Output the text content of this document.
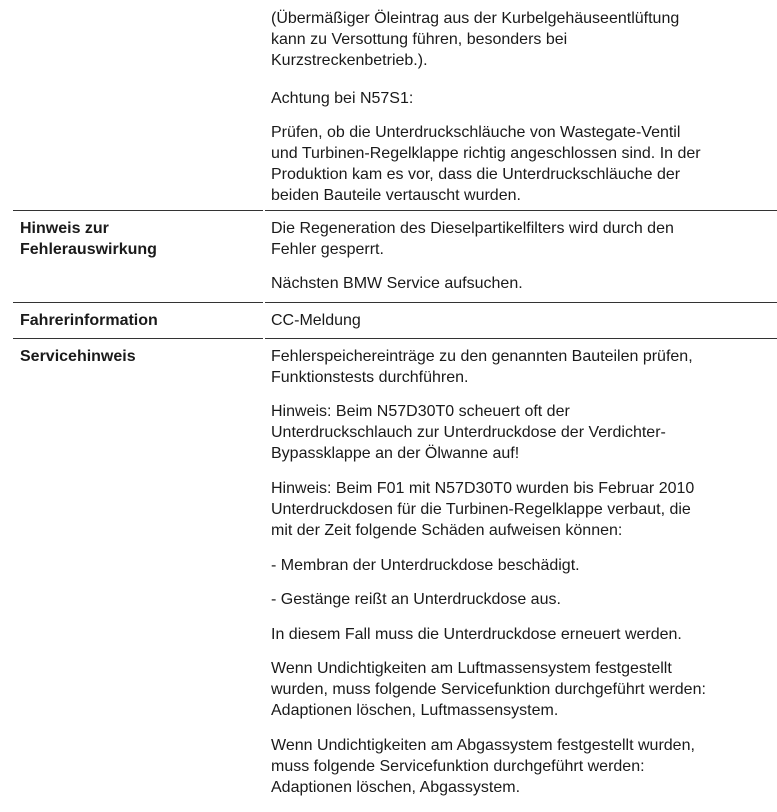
(Übermäßiger Öleintrag aus der Kurbelgehäuseentlüftung
kann zu Versottung führen, besonders bei
Kurzstreckenbetrieb.).

Achtung bei N57S1:

Prüfen, ob die Unterdruckschläuche von Wastegate-Ventil
und Turbinen-Regelklappe richtig angeschlossen sind. In der
Produktion kam es vor, dass die Unterdruckschläuche der
beiden Bauteile vertauscht wurden.

Hinweis zur
Fehlerauswirkung

Die Regeneration des Dieselpartikelfilters wird durch den
Fehler gesperrt.

Nächsten BMW Service aufsuchen.

Fahrerinformation	CC-Meldung

Servicehinweis	Fehlerspeichereinträge zu den genannten Bauteilen prüfen,
Funktionstests durchführen.

Hinweis: Beim N57D30T0 scheuert oft der
Unterdruckschlauch zur Unterdruckdose der Verdichter-
Bypassklappe an der Ölwanne auf!

Hinweis: Beim F01 mit N57D30T0 wurden bis Februar 2010
Unterdruckdosen für die Turbinen-Regelklappe verbaut, die
mit der Zeit folgende Schäden aufweisen können:

- Membran der Unterdruckdose beschädigt.

- Gestänge reißt an Unterdruckdose aus.

In diesem Fall muss die Unterdruckdose erneuert werden.

Wenn Undichtigkeiten am Luftmassensystem festgestellt
wurden, muss folgende Servicefunktion durchgeführt werden:
Adaptionen löschen, Luftmassensystem.

Wenn Undichtigkeiten am Abgassystem festgestellt wurden,
muss folgende Servicefunktion durchgeführt werden:
Adaptionen löschen, Abgassystem.
